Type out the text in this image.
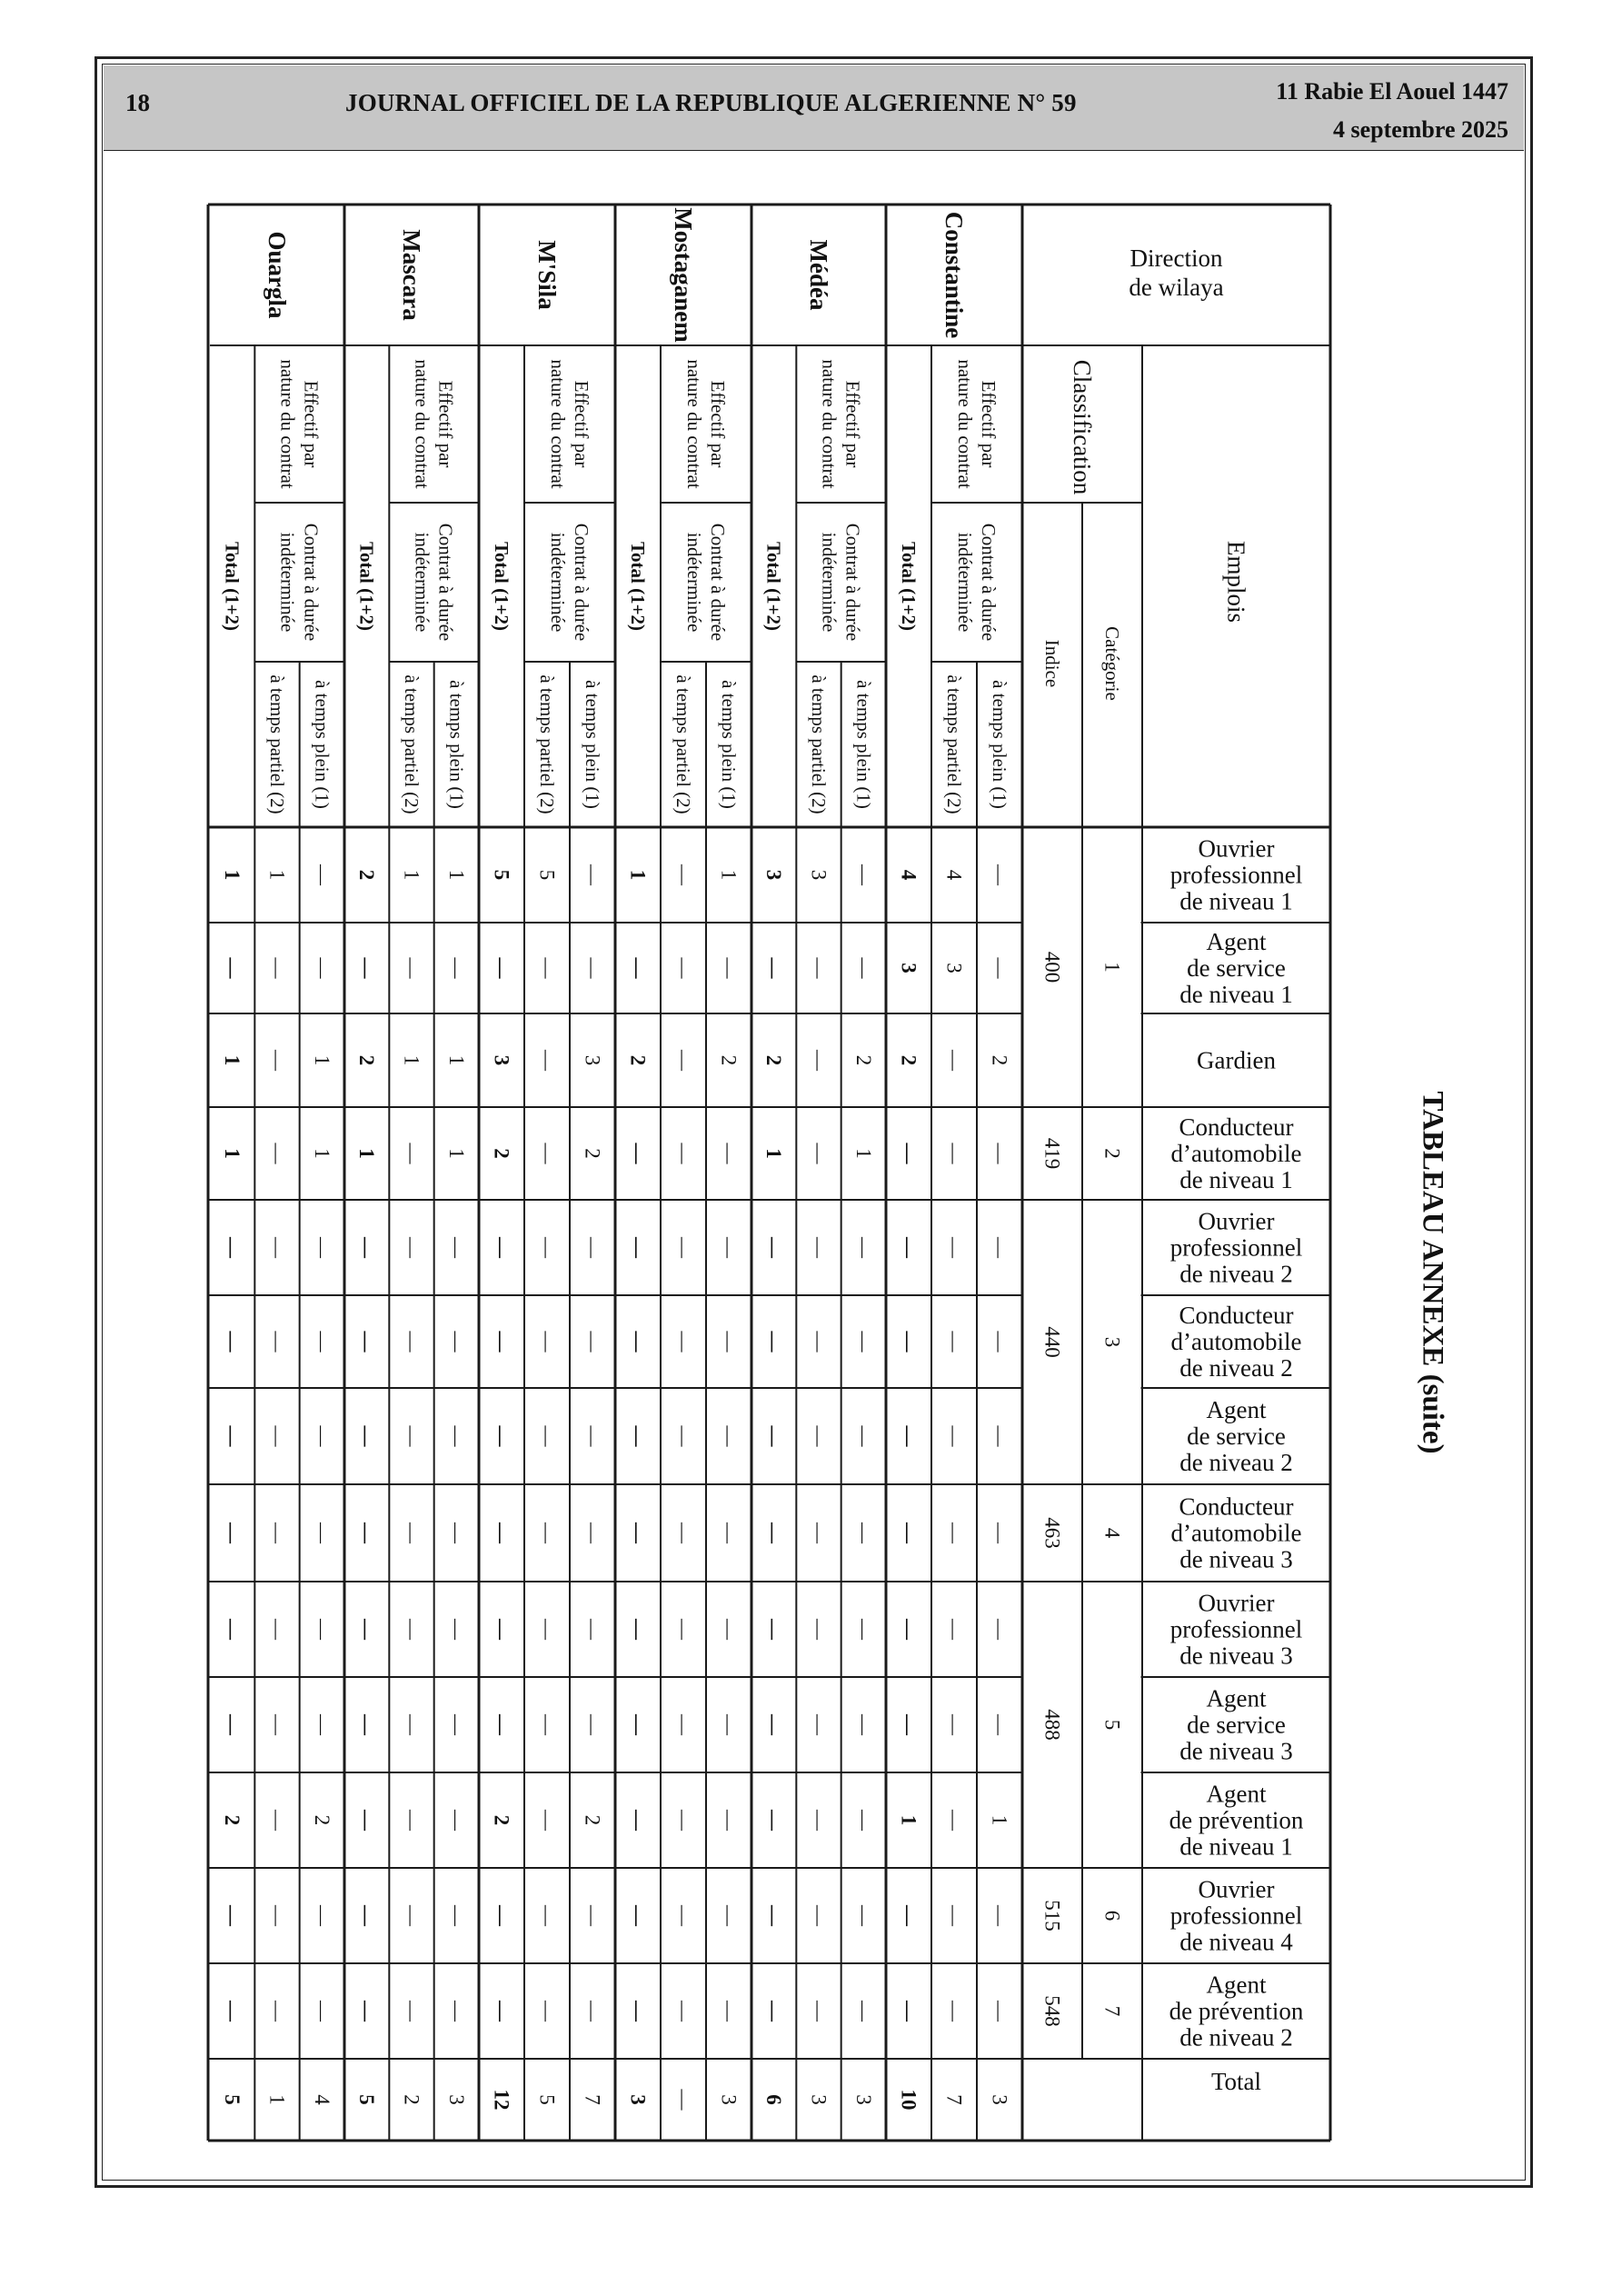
18	JOURNAL OFFICIEL DE LA REPUBLIQUE ALGERIENNE N° 59	11 Rabie El Aouel 1447
4 septembre 2025
TABLEAU ANNEXE (suite)
Direction
de wilaya
Emplois
Classification
Catégorie
Indice
Total
Ouvrier
professionnel
de niveau 1
Agent
de service
de niveau 1
Gardien
Conducteur
d’automobile
de niveau 1
Ouvrier
professionnel
de niveau 2
Conducteur
d’automobile
de niveau 2
Agent
de service
de niveau 2
Conducteur
d’automobile
de niveau 3
Ouvrier
professionnel
de niveau 3
Agent
de service
de niveau 3
Agent
de prévention
de niveau 1
Ouvrier
professionnel
de niveau 4
Agent
de prévention
de niveau 2
1
400
2
419
3
440
4
463
5
488
6
515
7
548
Constantine
Effectif par
nature du contrat
Contrat à durée
indéterminée
Total (1+2)
à temps plein (1)
à temps partiel (2)
—
4
4
—
3
3
2
—
2
—
—
—
—
—
—
—
—
—
—
—
—
—
—
—
—
—
—
—
—
—
1
—
1
—
—
—
—
—
—
3
7
10
Médéa
Effectif par
nature du contrat
Contrat à durée
indéterminée
Total (1+2)
à temps plein (1)
à temps partiel (2)
—
3
3
—
—
—
2
—
2
1
—
1
—
—
—
—
—
—
—
—
—
—
—
—
—
—
—
—
—
—
—
—
—
—
—
—
—
—
—
3
3
6
Mostaganem
Effectif par
nature du contrat
Contrat à durée
indéterminée
Total (1+2)
à temps plein (1)
à temps partiel (2)
1
—
1
—
—
—
2
—
2
—
—
—
—
—
—
—
—
—
—
—
—
—
—
—
—
—
—
—
—
—
—
—
—
—
—
—
—
—
—
3
—
3
M'Sila
Effectif par
nature du contrat
Contrat à durée
indéterminée
Total (1+2)
à temps plein (1)
à temps partiel (2)
—
5
5
—
—
—
3
—
3
2
—
2
—
—
—
—
—
—
—
—
—
—
—
—
—
—
—
—
—
—
2
—
2
—
—
—
—
—
—
7
5
12
Mascara
Effectif par
nature du contrat
Contrat à durée
indéterminée
Total (1+2)
à temps plein (1)
à temps partiel (2)
1
1
2
—
—
—
1
1
2
1
—
1
—
—
—
—
—
—
—
—
—
—
—
—
—
—
—
—
—
—
—
—
—
—
—
—
—
—
—
3
2
5
Ouargla
Effectif par
nature du contrat
Contrat à durée
indéterminée
Total (1+2)
à temps plein (1)
à temps partiel (2)
—
1
1
—
—
—
1
—
1
1
—
1
—
—
—
—
—
—
—
—
—
—
—
—
—
—
—
—
—
—
2
—
2
—
—
—
—
—
—
4
1
5
